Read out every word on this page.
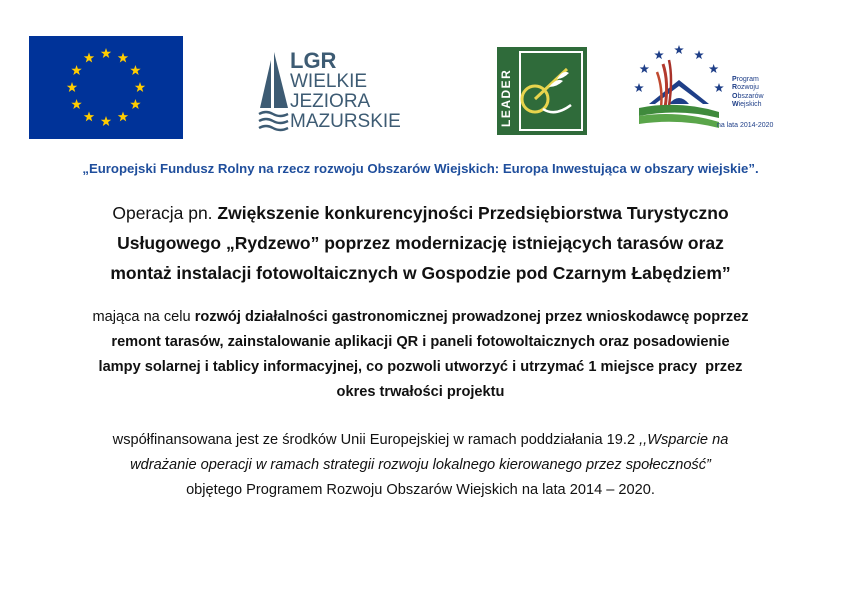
LGR
WIELKIE
JEZIORA
MAZURSKIE	LEADER	Program
Rozwoju
Obszarów
Wiejskich
na lata 2014-2020
„Europejski Fundusz Rolny na rzecz rozwoju Obszarów Wiejskich: Europa Inwestująca w obszary wiejskie”.
Operacja pn. Zwiększenie konkurencyjności Przedsiębiorstwa Turystyczno
Usługowego „Rydzewo” poprzez modernizację istniejących tarasów oraz
montaż instalacji fotowoltaicznych w Gospodzie pod Czarnym Łabędziem”
mająca na celu rozwój działalności gastronomicznej prowadzonej przez wnioskodawcę poprzez
remont tarasów, zainstalowanie aplikacji QR i paneli fotowoltaicznych oraz posadowienie
lampy solarnej i tablicy informacyjnej, co pozwoli utworzyć i utrzymać 1 miejsce pracy  przez
okres trwałości projektu
współfinansowana jest ze środków Unii Europejskiej w ramach poddziałania 19.2 ,,Wsparcie na
wdrażanie operacji w ramach strategii rozwoju lokalnego kierowanego przez społeczność”
objętego Programem Rozwoju Obszarów Wiejskich na lata 2014 – 2020.
